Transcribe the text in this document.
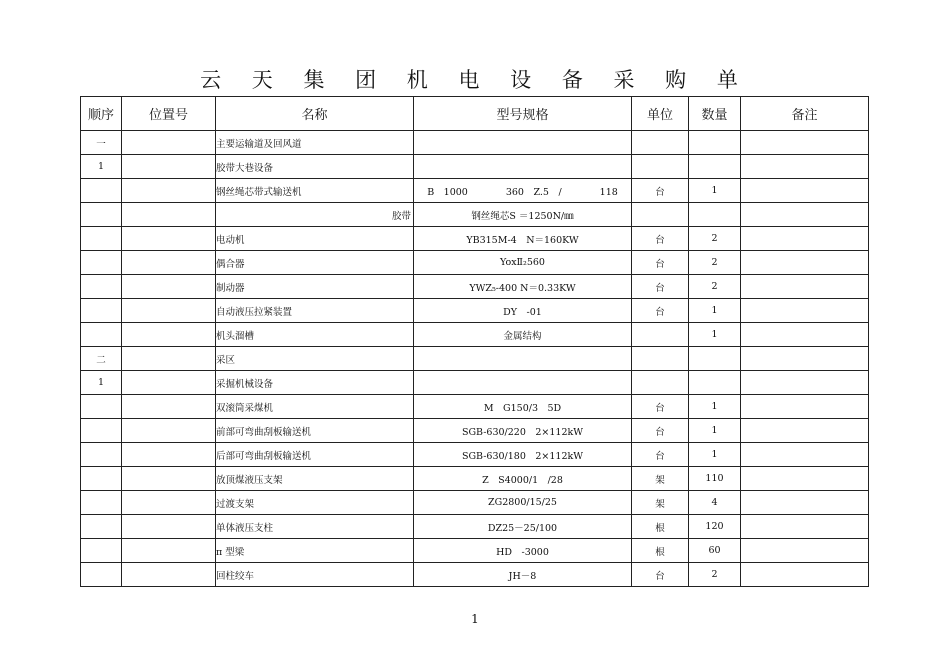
云 天 集 团 机 电 设 备 采 购 单
顺序	位置号	名称	型号规格	单位	数量	备注
一		主要运输道及回风道				
1		胶带大巷设备				
		钢丝绳芯带式输送机	B　1000　　　　360　Z.5　/　　　　118	台	1	

		胶带	钢丝绳芯S ＝1250N/㎜			
		电动机	YB315M-4　N＝160KW	台	2	
		偶合器	YoxⅡ₂560	台	2	
		制动器	YWZ₅-400 N＝0.33KW	台	2	
		自动液压拉紧装置	DY　-01	台	1	
		机头溜槽	金属结构		1	
二		采区				
1		采掘机械设备				
		双滚筒采煤机	M　G150/3　5D	台	1	
		前部可弯曲刮板输送机	SGB-630/220　2×112kW	台	1	
		后部可弯曲刮板输送机	SGB-630/180　2×112kW	台	1	
		放顶煤液压支架	Z　S4000/1　/28	架	110	
		过渡支架	ZG2800/15/25	架	4	
		单体液压支柱	DZ25－25/100	根	120	
		π 型梁	HD　-3000	根	60	
		回柱绞车	JH－8	台	2	
1
